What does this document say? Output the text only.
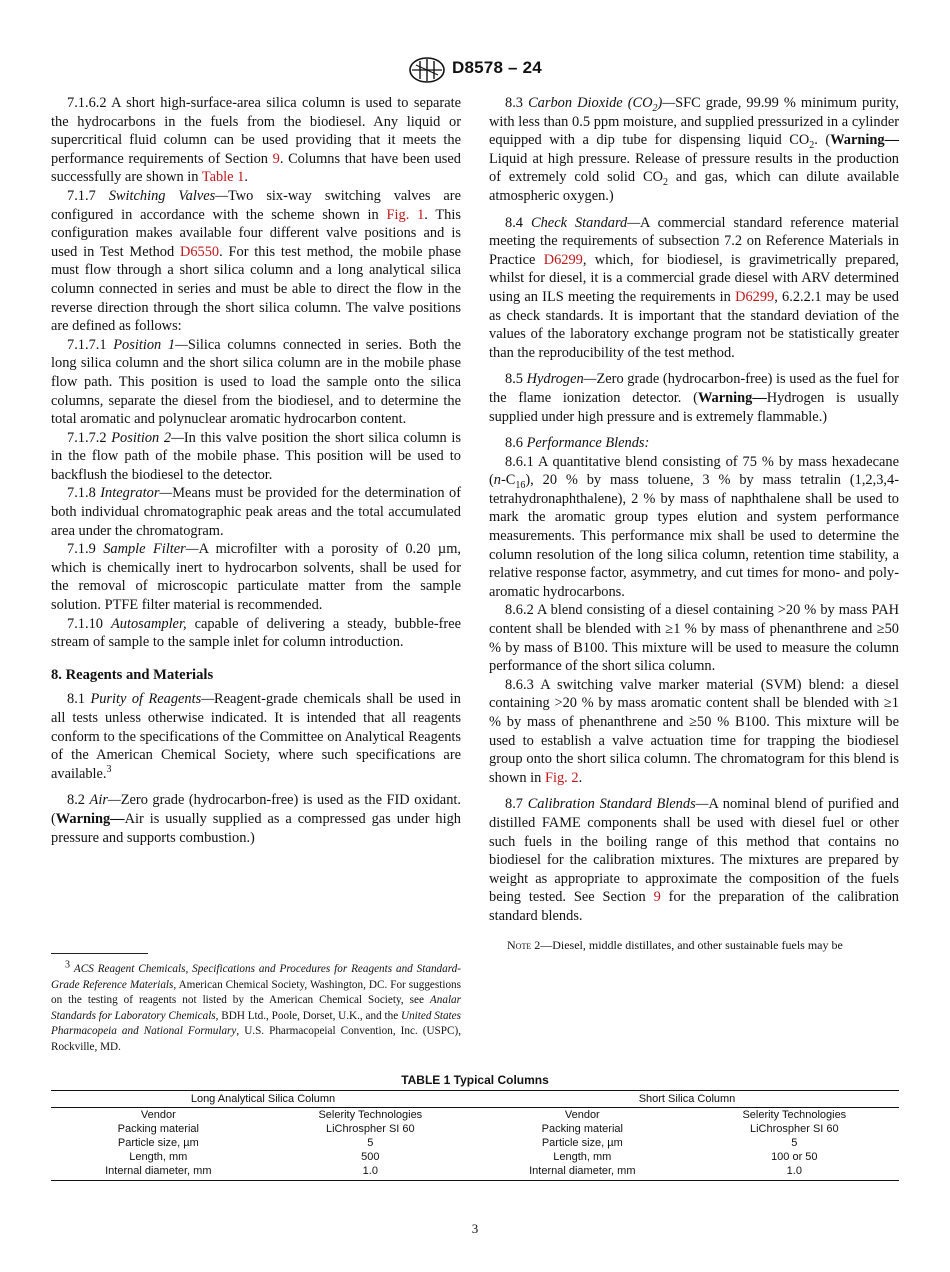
D8578 – 24

7.1.6.2 A short high-surface-area silica column is used to separate the hydrocarbons in the fuels from the biodiesel. Any liquid or supercritical fluid column can be used providing that it meets the performance requirements of Section 9. Columns that have been used successfully are shown in Table 1.

7.1.7 Switching Valves—Two six-way switching valves are configured in accordance with the scheme shown in Fig. 1. This configuration makes available four different valve positions and is used in Test Method D6550. For this test method, the mobile phase must flow through a short silica column and a long analytical silica column connected in series and must be able to direct the flow in the reverse direction through the short silica column. The valve positions are defined as follows:

7.1.7.1 Position 1—Silica columns connected in series. Both the long silica column and the short silica column are in the mobile phase flow path. This position is used to load the sample onto the silica columns, separate the diesel from the biodiesel, and to determine the total aromatic and polynuclear aromatic hydrocarbon content.

7.1.7.2 Position 2—In this valve position the short silica column is in the flow path of the mobile phase. This position will be used to backflush the biodiesel to the detector.

7.1.8 Integrator—Means must be provided for the determination of both individual chromatographic peak areas and the total accumulated area under the chromatogram.

7.1.9 Sample Filter—A microfilter with a porosity of 0.20 µm, which is chemically inert to hydrocarbon solvents, shall be used for the removal of microscopic particulate matter from the sample solution. PTFE filter material is recommended.

7.1.10 Autosampler, capable of delivering a steady, bubble-free stream of sample to the sample inlet for column introduction.

8. Reagents and Materials

8.1 Purity of Reagents—Reagent-grade chemicals shall be used in all tests unless otherwise indicated. It is intended that all reagents conform to the specifications of the Committee on Analytical Reagents of the American Chemical Society, where such specifications are available.$^3$

8.2 Air—Zero grade (hydrocarbon-free) is used as the FID oxidant. (Warning—Air is usually supplied as a compressed gas under high pressure and supports combustion.)

$^3$ ACS Reagent Chemicals, Specifications and Procedures for Reagents and Standard-Grade Reference Materials, American Chemical Society, Washington, DC. For suggestions on the testing of reagents not listed by the American Chemical Society, see Analar Standards for Laboratory Chemicals, BDH Ltd., Poole, Dorset, U.K., and the United States Pharmacopeia and National Formulary, U.S. Pharmacopeial Convention, Inc. (USPC), Rockville, MD.

8.3 Carbon Dioxide $(CO_2)—SFC$ grade, 99.99 % minimum purity, with less than 0.5 ppm moisture, and supplied pressurized in a cylinder equipped with a dip tube for dispensing liquid $CO_2$. (Warning—Liquid at high pressure. Release of pressure results in the production of extremely cold solid $CO_2$ and gas, which can dilute available atmospheric oxygen.)

8.4 Check Standard—A commercial standard reference material meeting the requirements of subsection 7.2 on Reference Materials in Practice D6299, which, for biodiesel, is gravimetrically prepared, whilst for diesel, it is a commercial grade diesel with ARV determined using an ILS meeting the requirements in D6299, 6.2.2.1 may be used as check standards. It is important that the standard deviation of the values of the laboratory exchange program not be statistically greater than the reproducibility of the test method.

8.5 Hydrogen—Zero grade (hydrocarbon-free) is used as the fuel for the flame ionization detector. (Warning—Hydrogen is usually supplied under high pressure and is extremely flammable.)

8.6 Performance Blends:

8.6.1 A quantitative blend consisting of 75 % by mass hexadecane $(n-C_{16})$, 20 % by mass toluene, 3 % by mass tetralin (1,2,3,4-tetrahydronaphthalene), 2 % by mass of naphthalene shall be used to mark the aromatic group types elution and system performance measurements. This performance mix shall be used to determine the column resolution of the long silica column, retention time stability, a relative response factor, asymmetry, and cut times for mono- and poly-aromatic hydrocarbons.

8.6.2 A blend consisting of a diesel containing >20 % by mass PAH content shall be blended with ≥1 % by mass of phenanthrene and ≥50 % by mass of B100. This mixture will be used to measure the column performance of the short silica column.

8.6.3 A switching valve marker material (SVM) blend: a diesel containing >20 % by mass aromatic content shall be blended with ≥1 % by mass of phenanthrene and ≥50 % B100. This mixture will be used to establish a valve actuation time for trapping the biodiesel group onto the short silica column. The chromatogram for this blend is shown in Fig. 2.

8.7 Calibration Standard Blends—A nominal blend of purified and distilled FAME components shall be used with diesel fuel or other such fuels in the boiling range of this method that contains no biodiesel for the calibration mixtures. The mixtures are prepared by weight as appropriate to approximate the composition of the fuels being tested. See Section 9 for the preparation of the calibration standard blends.

Note 2—Diesel, middle distillates, and other sustainable fuels may be

TABLE 1 Typical Columns
Long Analytical Silica Column		Short Silica Column	
Vendor	Selerity Technologies	Vendor	Selerity Technologies
Packing material	LiChrospher SI 60	Packing material	LiChrospher SI 60
Particle size, µm	5	Particle size, µm	5
Length, mm	500	Length, mm	100 or 50
Internal diameter, mm	1.0	Internal diameter, mm	1.0
3
